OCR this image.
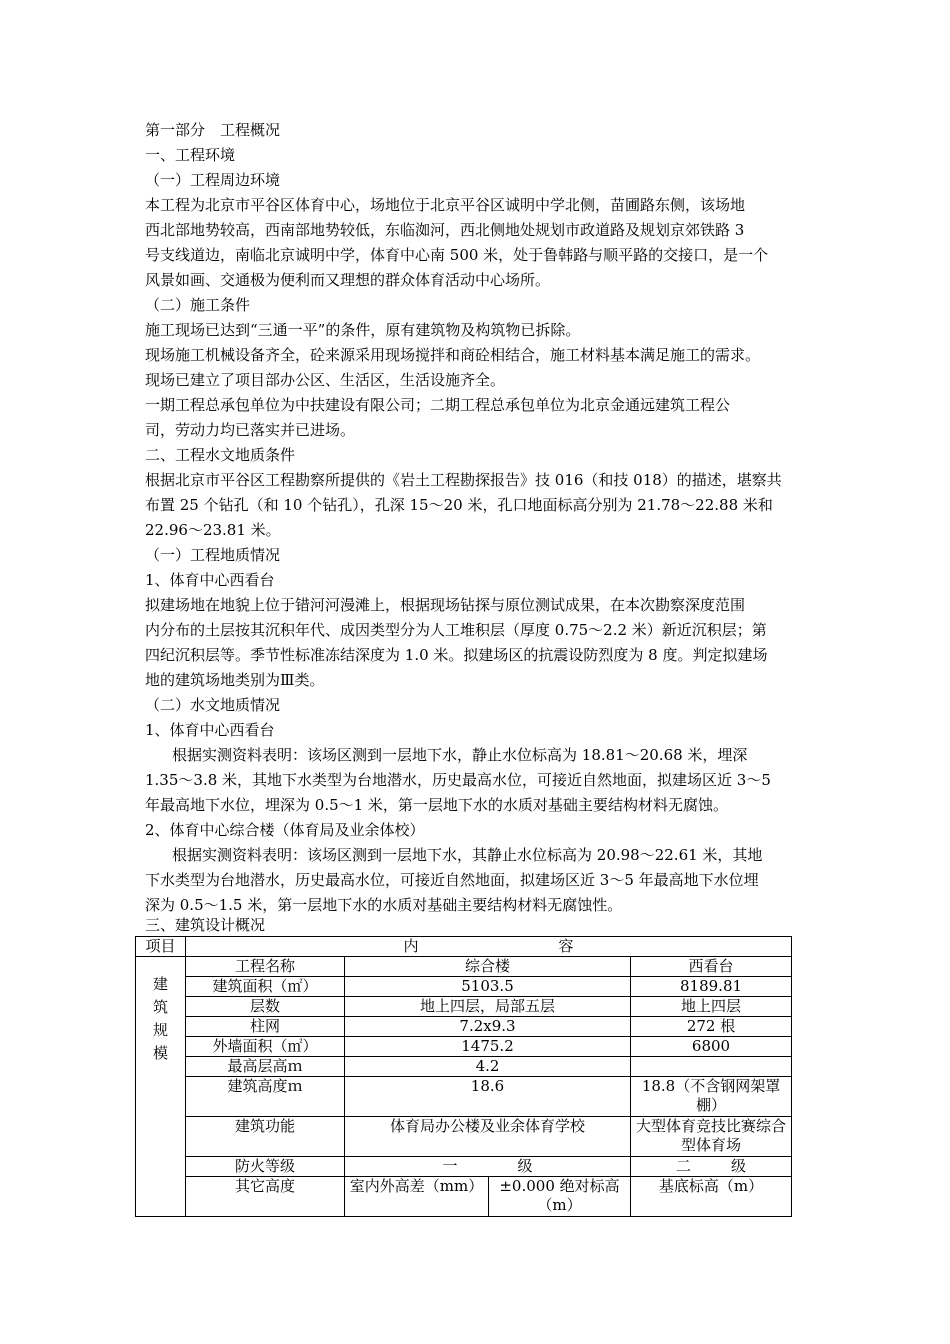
第一部分　工程概况
一、工程环境
（一）工程周边环境
本工程为北京市平谷区体育中心，场地位于北京平谷区诚明中学北侧，苗圃路东侧，该场地
西北部地势较高，西南部地势较低，东临洳河，西北侧地处规划市政道路及规划京郊铁路 3
号支线道边，南临北京诚明中学，体育中心南 500 米，处于鲁韩路与顺平路的交接口，是一个
风景如画、交通极为便利而又理想的群众体育活动中心场所。
（二）施工条件
施工现场已达到“三通一平”的条件，原有建筑物及构筑物已拆除。
现场施工机械设备齐全，砼来源采用现场搅拌和商砼相结合，施工材料基本满足施工的需求。
现场已建立了项目部办公区、生活区，生活设施齐全。
一期工程总承包单位为中扶建设有限公司；二期工程总承包单位为北京金通远建筑工程公
司，劳动力均已落实并已进场。
二、工程水文地质条件
根据北京市平谷区工程勘察所提供的《岩土工程勘探报告》技 016（和技 018）的描述，堪察共
布置 25 个钻孔（和 10 个钻孔），孔深 15～20 米，孔口地面标高分别为 21.78～22.88 米和
22.96～23.81 米。
（一）工程地质情况
1、体育中心西看台
拟建场地在地貌上位于错河河漫滩上，根据现场钻探与原位测试成果，在本次勘察深度范围
内分布的土层按其沉积年代、成因类型分为人工堆积层（厚度 0.75～2.2 米）新近沉积层；第
四纪沉积层等。季节性标准冻结深度为 1.0 米。拟建场区的抗震设防烈度为 8 度。判定拟建场
地的建筑场地类别为Ⅲ类。
（二）水文地质情况
1、体育中心西看台
根据实测资料表明：该场区测到一层地下水，静止水位标高为 18.81～20.68 米，埋深
1.35～3.8 米，其地下水类型为台地潜水，历史最高水位，可接近自然地面，拟建场区近 3～5
年最高地下水位，埋深为 0.5～1 米，第一层地下水的水质对基础主要结构材料无腐蚀。
2、体育中心综合楼（体育局及业余体校）
根据实测资料表明：该场区测到一层地下水，其静止水位标高为 20.98～22.61 米，其地
下水类型为台地潜水，历史最高水位，可接近自然地面，拟建场区近 3～5 年最高地下水位埋
深为 0.5～1.5 米，第一层地下水的水质对基础主要结构材料无腐蚀性。
三、建筑设计概况
项目	内 容			
建
筑
规
模	工程名称	综合楼		西看台
	建筑面积（㎡）	5103.5		8189.81
	层数	地上四层，局部五层		地上四层
	柱网	7.2x9.3		272 根
	外墙面积（㎡）	1475.2		6800
	最高层高ｍ	4.2		
	建筑高度ｍ	18.6		18.8（不含钢网架罩棚）
	建筑功能	体育局办公楼及业余体育学校		大型体育竞技比赛综合型体育场
	防火等级	一 级		二 级
	其它高度	室内外高差（mm）	±0.000 绝对标高（m）	基底标高（m）
